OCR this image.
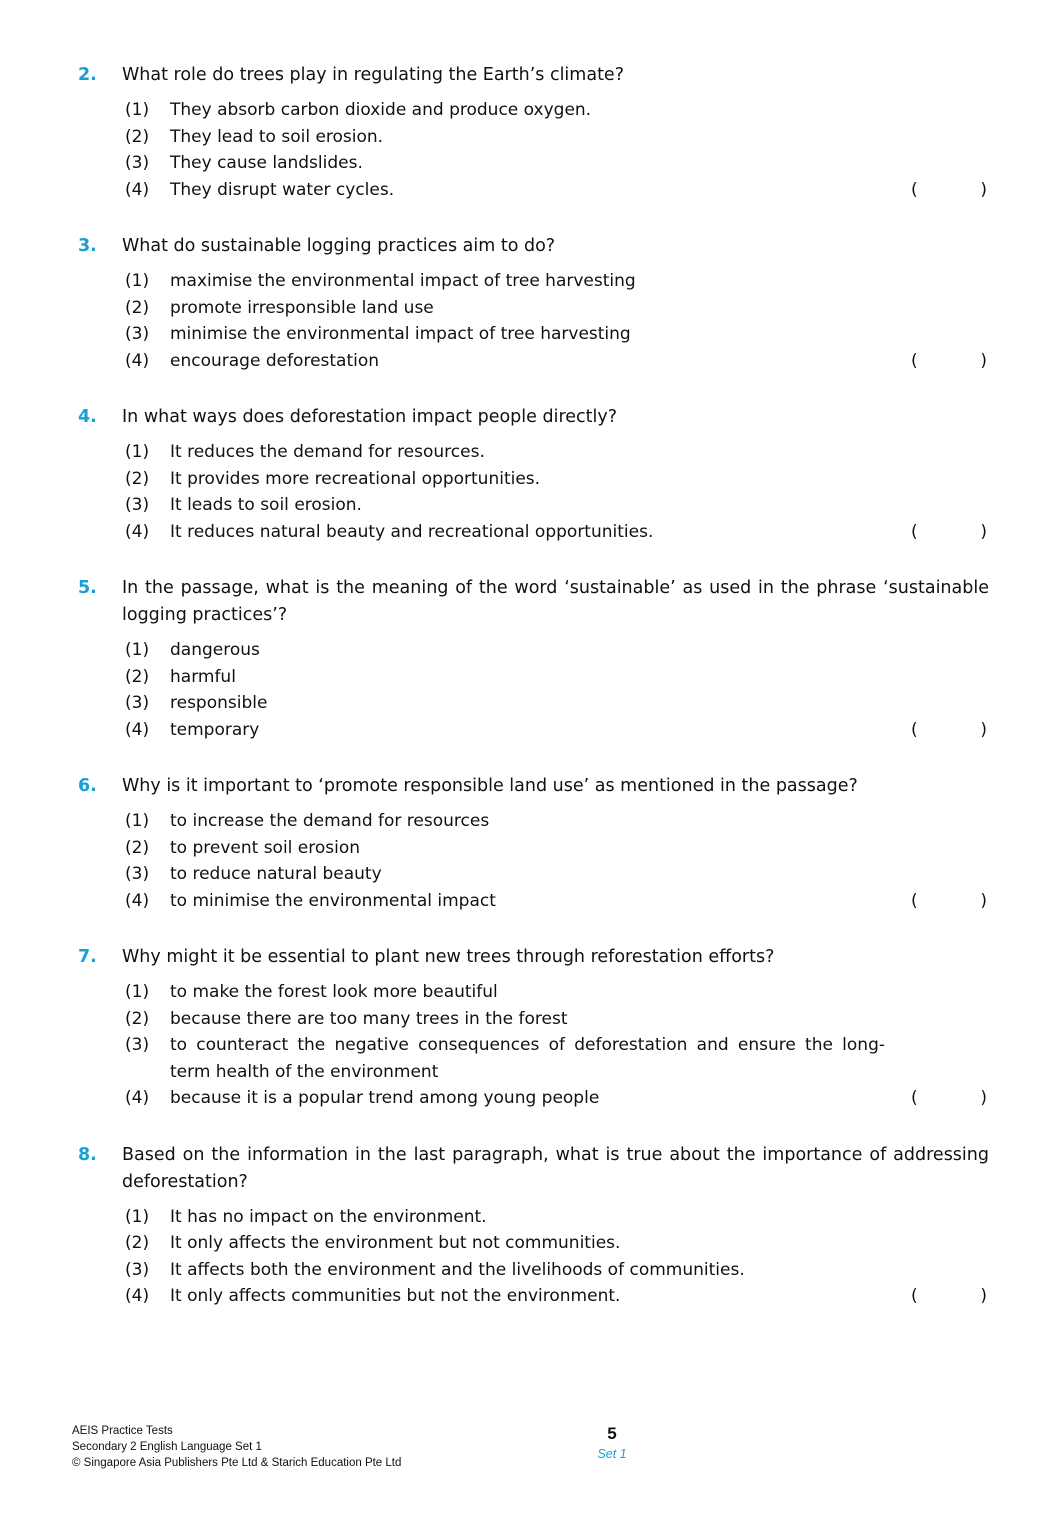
2.	What role do trees play in regulating the Earth’s climate?
(1)	They absorb carbon dioxide and produce oxygen.
(2)	They lead to soil erosion.
(3)	They cause landslides.
(4)	They disrupt water cycles.	(	)
3.	What do sustainable logging practices aim to do?
(1)	maximise the environmental impact of tree harvesting
(2)	promote irresponsible land use
(3)	minimise the environmental impact of tree harvesting
(4)	encourage deforestation	(	)
4.	In what ways does deforestation impact people directly?
(1)	It reduces the demand for resources.
(2)	It provides more recreational opportunities.
(3)	It leads to soil erosion.
(4)	It reduces natural beauty and recreational opportunities.	(	)
5.	In the passage, what is the meaning of the word ‘sustainable’ as used in the phrase ‘sustainable logging practices’?
(1)	dangerous
(2)	harmful
(3)	responsible
(4)	temporary	(	)
6.	Why is it important to ‘promote responsible land use’ as mentioned in the passage?
(1)	to increase the demand for resources
(2)	to prevent soil erosion
(3)	to reduce natural beauty
(4)	to minimise the environmental impact	(	)
7.	Why might it be essential to plant new trees through reforestation efforts?
(1)	to make the forest look more beautiful
(2)	because there are too many trees in the forest
(3)	to counteract the negative consequences of deforestation and ensure the long-term health of the environment
(4)	because it is a popular trend among young people	(	)
8.	Based on the information in the last paragraph, what is true about the importance of addressing deforestation?
(1)	It has no impact on the environment.
(2)	It only affects the environment but not communities.
(3)	It affects both the environment and the livelihoods of communities.
(4)	It only affects communities but not the environment.	(	)
AEIS Practice Tests
Secondary 2 English Language Set 1
© Singapore Asia Publishers Pte Ltd & Starich Education Pte Ltd
5
Set 1
